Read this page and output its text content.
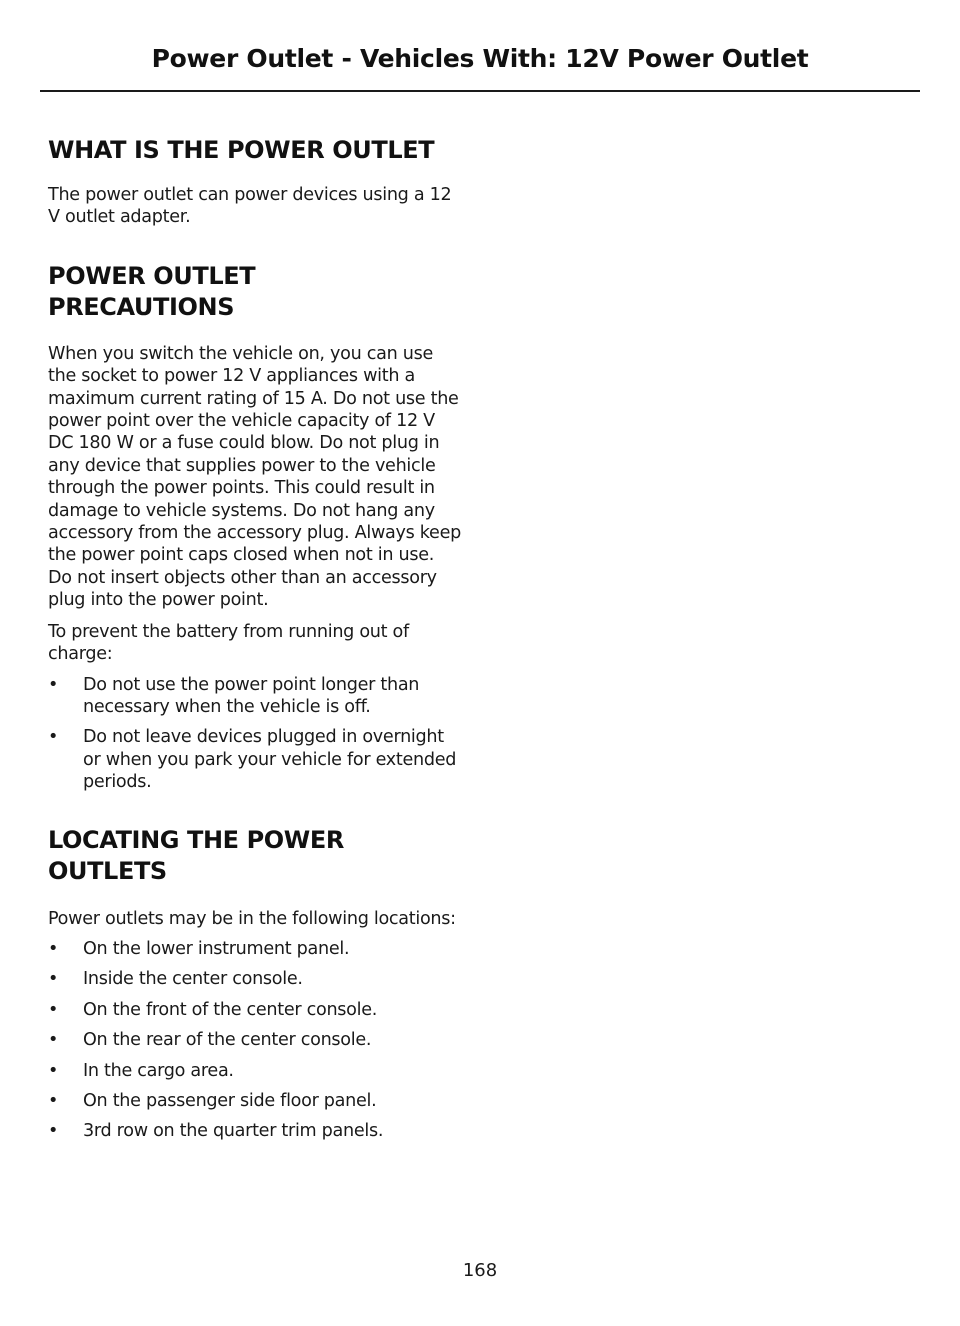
Power Outlet - Vehicles With: 12V Power Outlet
WHAT IS THE POWER OUTLET

The power outlet can power devices using a 12 V outlet adapter.

POWER OUTLET
PRECAUTIONS

When you switch the vehicle on, you can use the socket to power 12 V appliances with a maximum current rating of 15 A. Do not use the power point over the vehicle capacity of 12 V DC 180 W or a fuse could blow. Do not plug in any device that supplies power to the vehicle through the power points. This could result in damage to vehicle systems. Do not hang any accessory from the accessory plug. Always keep the power point caps closed when not in use. Do not insert objects other than an accessory plug into the power point.

To prevent the battery from running out of charge:

• Do not use the power point longer than necessary when the vehicle is off.
• Do not leave devices plugged in overnight or when you park your vehicle for extended periods.
LOCATING THE POWER
OUTLETS

Power outlets may be in the following locations:

• On the lower instrument panel.
• Inside the center console.
• On the front of the center console.
• On the rear of the center console.
• In the cargo area.
• On the passenger side floor panel.
• 3rd row on the quarter trim panels.
168
